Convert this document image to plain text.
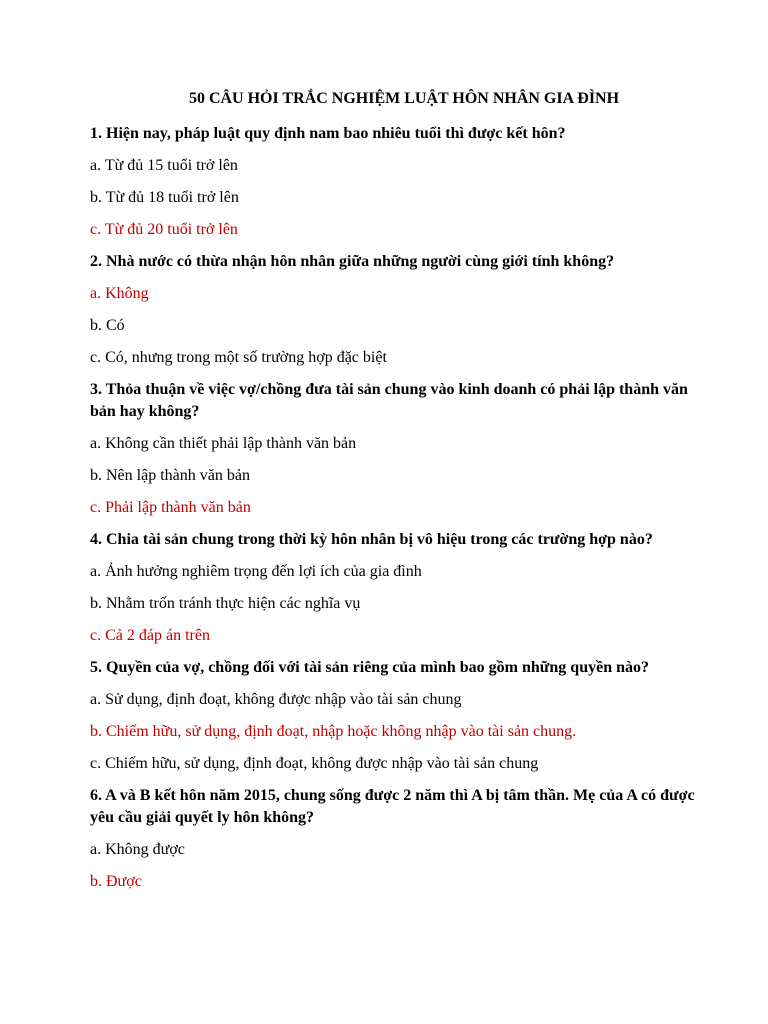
50 CÂU HỎI TRẮC NGHIỆM LUẬT HÔN NHÂN GIA ĐÌNH

1. Hiện nay, pháp luật quy định nam bao nhiêu tuổi thì được kết hôn?

a. Từ đủ 15 tuổi trở lên

b. Từ đủ 18 tuổi trở lên

c. Từ đủ 20 tuổi trở lên

2. Nhà nước có thừa nhận hôn nhân giữa những người cùng giới tính không?

a. Không

b. Có

c. Có, nhưng trong một số trường hợp đặc biệt

3. Thỏa thuận về việc vợ/chồng đưa tài sản chung vào kinh doanh có phải lập thành văn bản hay không?

a. Không cần thiết phải lập thành văn bản

b. Nên lập thành văn bản

c. Phải lập thành văn bản

4. Chia tài sản chung trong thời kỳ hôn nhân bị vô hiệu trong các trường hợp nào?

a. Ảnh hưởng nghiêm trọng đến lợi ích của gia đình

b. Nhằm trốn tránh thực hiện các nghĩa vụ

c. Cả 2 đáp án trên

5. Quyền của vợ, chồng đối với tài sản riêng của mình bao gồm những quyền nào?

a. Sử dụng, định đoạt, không được nhập vào tài sản chung

b. Chiếm hữu, sử dụng, định đoạt, nhập hoặc không nhập vào tài sản chung.

c. Chiếm hữu, sử dụng, định đoạt, không được nhập vào tài sản chung

6. A và B kết hôn năm 2015, chung sống được 2 năm thì A bị tâm thần. Mẹ của A có được yêu cầu giải quyết ly hôn không?

a. Không được

b. Được
